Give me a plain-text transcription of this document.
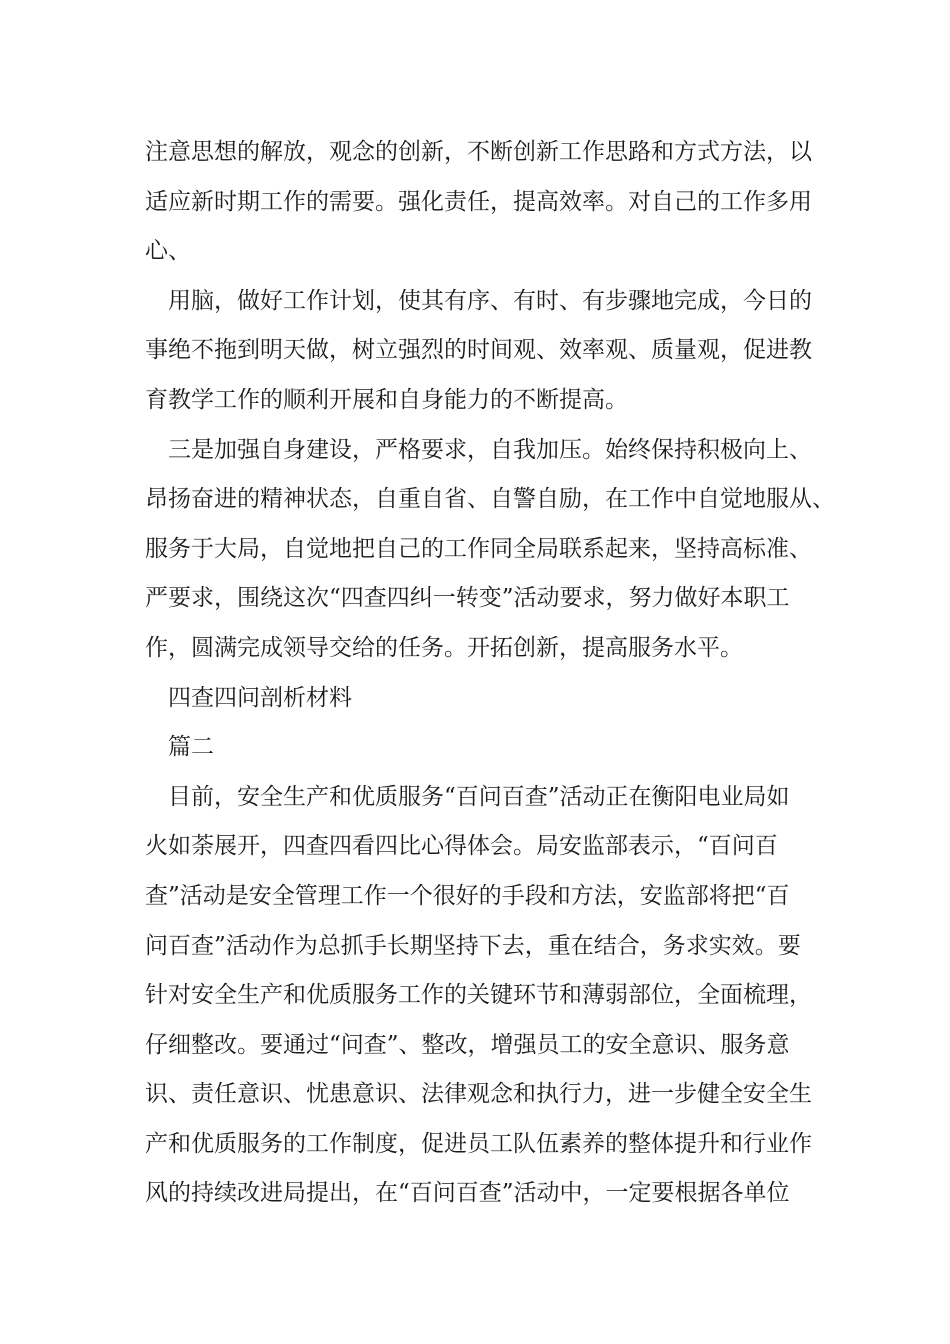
注意思想的解放，观念的创新，不断创新工作思路和方式方法，以
适应新时期工作的需要。强化责任，提高效率。对自己的工作多用
心、
用脑，做好工作计划，使其有序、有时、有步骤地完成，今日的
事绝不拖到明天做，树立强烈的时间观、效率观、质量观，促进教
育教学工作的顺利开展和自身能力的不断提高。
三是加强自身建设，严格要求，自我加压。始终保持积极向上、
昂扬奋进的精神状态，自重自省、自警自励，在工作中自觉地服从、
服务于大局，自觉地把自己的工作同全局联系起来，坚持高标准、
严要求，围绕这次“四查四纠一转变”活动要求，努力做好本职工
作，圆满完成领导交给的任务。开拓创新，提高服务水平。
四查四问剖析材料
篇二
目前，安全生产和优质服务“百问百查”活动正在衡阳电业局如
火如荼展开，四查四看四比心得体会。局安监部表示，“百问百
查”活动是安全管理工作一个很好的手段和方法，安监部将把“百
问百查”活动作为总抓手长期坚持下去，重在结合，务求实效。要
针对安全生产和优质服务工作的关键环节和薄弱部位，全面梳理，
仔细整改。要通过“问查”、整改，增强员工的安全意识、服务意
识、责任意识、忧患意识、法律观念和执行力，进一步健全安全生
产和优质服务的工作制度，促进员工队伍素养的整体提升和行业作
风的持续改进局提出，在“百问百查”活动中，一定要根据各单位
